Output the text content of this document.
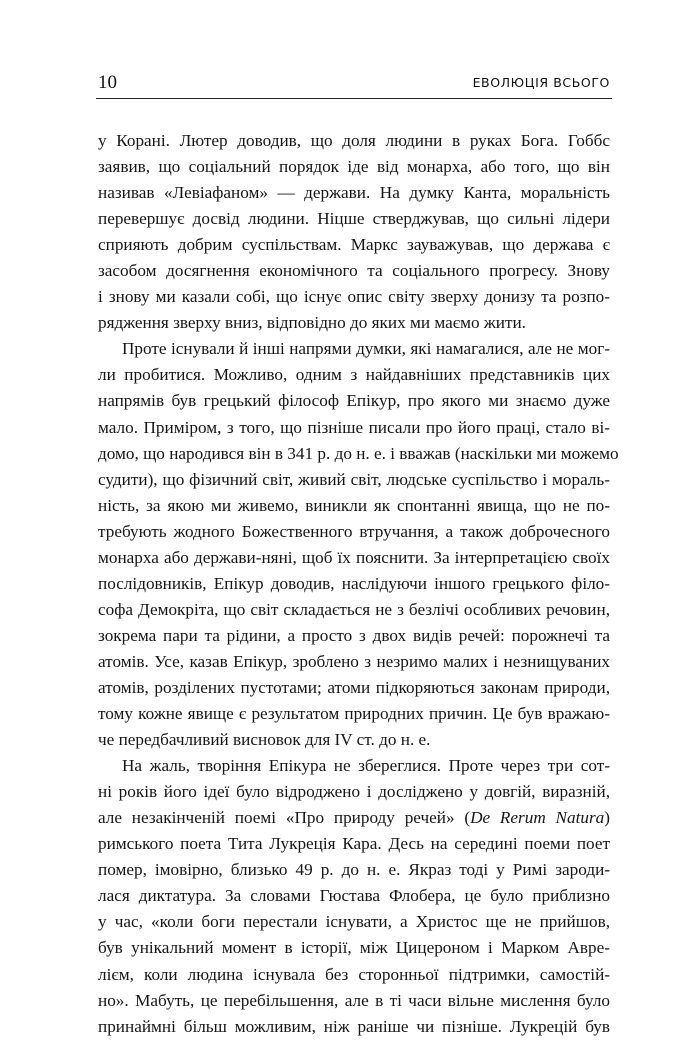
10	ЕВОЛЮЦІЯ ВСЬОГО
у Корані. Лютер доводив, що доля людини в руках Бога. Гоббс
заявив, що соціальний порядок іде від монарха, або того, що він
називав «Левіафаном» — держави. На думку Канта, моральність
перевершує досвід людини. Ніцше стверджував, що сильні лідери
сприяють добрим суспільствам. Маркс зауважував, що держава є
засобом досягнення економічного та соціального прогресу. Знову
і знову ми казали собі, що існує опис світу зверху донизу та розпо-
рядження зверху вниз, відповідно до яких ми маємо жити.
Проте існували й інші напрями думки, які намагалися, але не мог-
ли пробитися. Можливо, одним з найдавніших представників цих
напрямів був грецький філософ Епікур, про якого ми знаємо дуже
мало. Приміром, з того, що пізніше писали про його праці, стало ві-
домо, що народився він в 341 р. до н. е. і вважав (наскільки ми можемо
судити), що фізичний світ, живий світ, людське суспільство і мораль-
ність, за якою ми живемо, виникли як спонтанні явища, що не по-
требують жодного Божественного втручання, а також доброчесного
монарха або держави-няні, щоб їх пояснити. За інтерпретацією своїх
послідовників, Епікур доводив, наслідуючи іншого грецького філо-
софа Демокріта, що світ складається не з безлічі особливих речовин,
зокрема пари та рідини, а просто з двох видів речей: порожнечі та
атомів. Усе, казав Епікур, зроблено з незримо малих і незнищуваних
атомів, розділених пустотами; атоми підкоряються законам природи,
тому кожне явище є результатом природних причин. Це був вражаю-
че передбачливий висновок для IV ст. до н. е.
На жаль, творіння Епікура не збереглися. Проте через три сот-
ні років його ідеї було відроджено і досліджено у довгій, виразній,
але незакінченій поемі «Про природу речей» (De Rerum Natura)
римського поета Тита Лукреція Кара. Десь на середині поеми поет
помер, імовірно, близько 49 р. до н. е. Якраз тоді у Римі зароди-
лася диктатура. За словами Гюстава Флобера, це було приблизно
у час, «коли боги перестали існувати, а Христос ще не прийшов,
був унікальний момент в історії, між Цицероном і Марком Авре-
лієм, коли людина існувала без сторонньої підтримки, самостій-
но». Мабуть, це перебільшення, але в ті часи вільне мислення було
принаймні більш можливим, ніж раніше чи пізніше. Лукрецій був
